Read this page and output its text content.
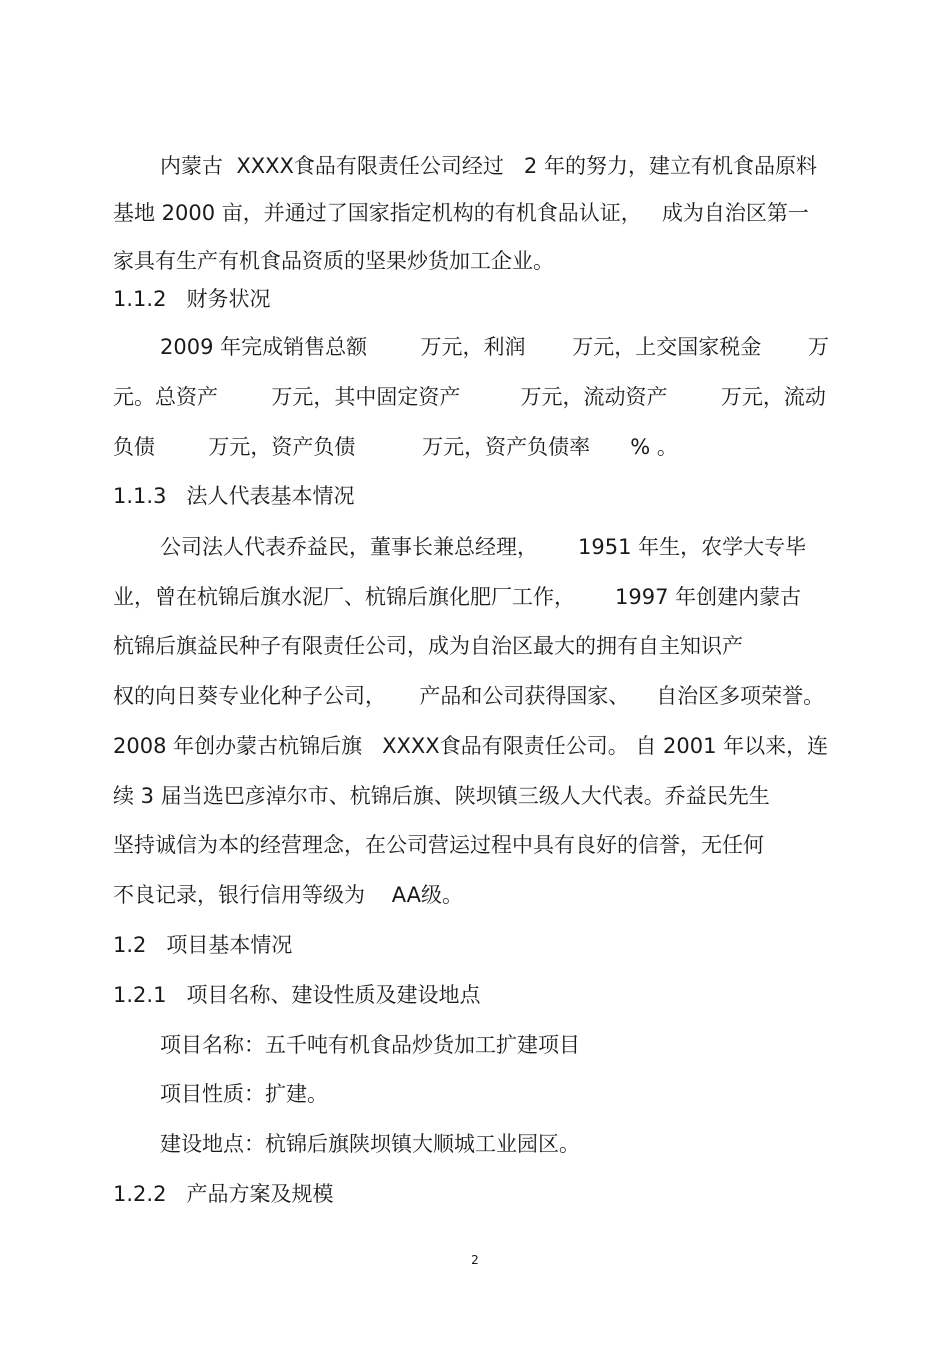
内蒙古  XXXX食品有限责任公司经过   2 年的努力，建立有机食品原料
基地 2000 亩，并通过了国家指定机构的有机食品认证，   成为自治区第一
家具有生产有机食品资质的坚果炒货加工企业。
1.1.2   财务状况
2009 年完成销售总额        万元，利润       万元，上交国家税金       万
元。总资产        万元，其中固定资产         万元，流动资产        万元，流动
负债        万元，资产负债          万元，资产负债率      % 。
1.1.3   法人代表基本情况
公司法人代表乔益民，董事长兼总经理，      1951 年生，农学大专毕
业，曾在杭锦后旗水泥厂、杭锦后旗化肥厂工作，      1997 年创建内蒙古
杭锦后旗益民种子有限责任公司，成为自治区最大的拥有自主知识产
权的向日葵专业化种子公司，     产品和公司获得国家、    自治区多项荣誉。
2008 年创办蒙古杭锦后旗   XXXX食品有限责任公司。 自 2001 年以来，连
续 3 届当选巴彦淖尔市、杭锦后旗、陕坝镇三级人大代表。乔益民先生
坚持诚信为本的经营理念，在公司营运过程中具有良好的信誉，无任何
不良记录，银行信用等级为    AA级。
1.2   项目基本情况
1.2.1   项目名称、建设性质及建设地点
项目名称：五千吨有机食品炒货加工扩建项目
项目性质：扩建。
建设地点：杭锦后旗陕坝镇大顺城工业园区。
1.2.2   产品方案及规模
2
